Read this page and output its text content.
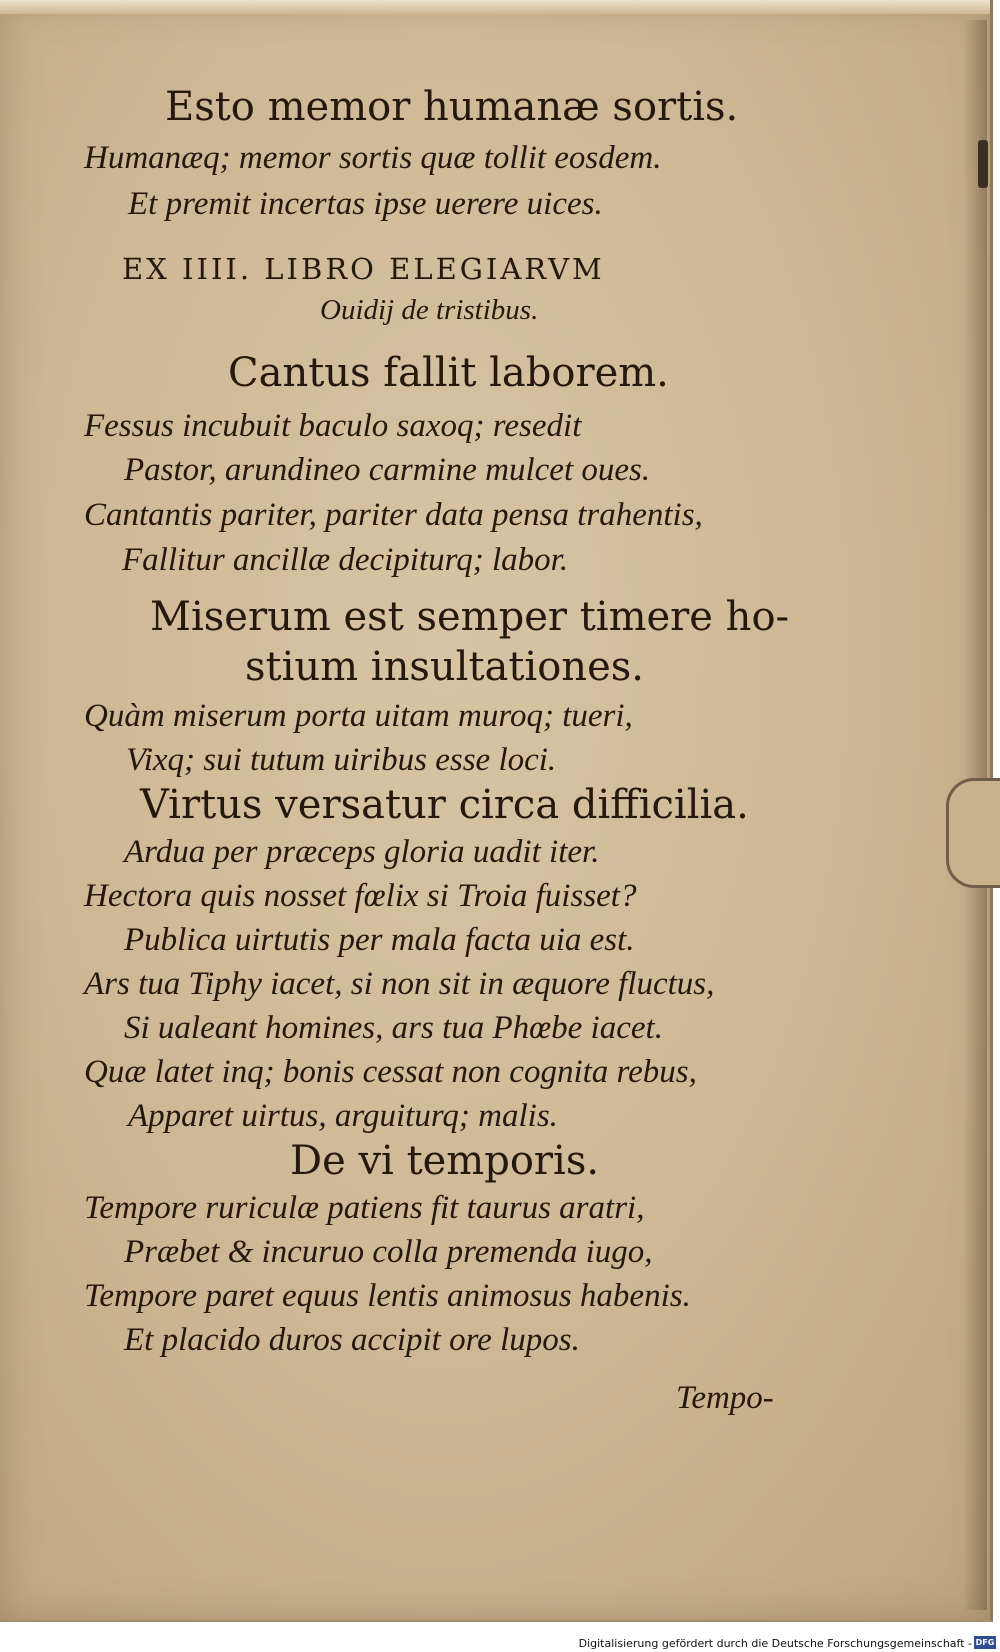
Esto memor humanæ sortis.
Humanæq; memor sortis quæ tollit eosdem.
Et premit incertas ipse uerere uices.
EX IIII. LIBRO ELEGIARVM
Ouidij de tristibus.
Cantus fallit laborem.
Fessus incubuit baculo saxoq; resedit
Pastor, arundineo carmine mulcet oues.
Cantantis pariter, pariter data pensa trahentis,
Fallitur ancillæ decipiturq; labor.
Miserum est semper timere ho-
stium insultationes.
Quàm miserum porta uitam muroq; tueri,
Vixq; sui tutum uiribus esse loci.
Virtus versatur circa difficilia.
Ardua per præceps gloria uadit iter.
Hectora quis nosset fœlix si Troia fuisset?
Publica uirtutis per mala facta uia est.
Ars tua Tiphy iacet, si non sit in æquore fluctus,
Si ualeant homines, ars tua Phœbe iacet.
Quæ latet inq; bonis cessat non cognita rebus,
Apparet uirtus, arguiturq; malis.
De vi temporis.
Tempore ruriculæ patiens fit taurus aratri,
Præbet & incuruo colla premenda iugo,
Tempore paret equus lentis animosus habenis.
Et placido duros accipit ore lupos.
Tempo-
Digitalisierung gefördert durch die Deutsche Forschungsgemeinschaft - DFG
